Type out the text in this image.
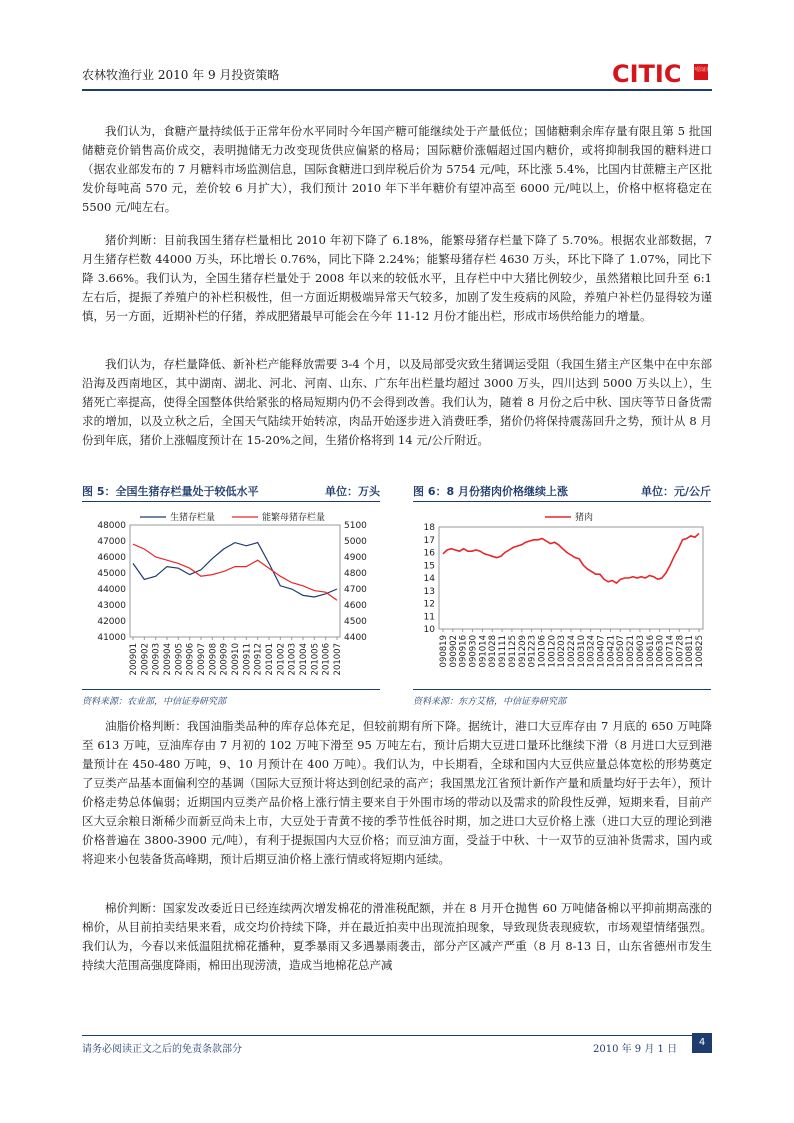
农林牧渔行业 2010 年 9 月投资策略	CITIC 中信证券

我们认为，食糖产量持续低于正常年份水平同时今年国产糖可能继续处于产量低位；国储糖剩余库存量有限且第 5 批国储糖竞价销售高价成交，表明抛储无力改变现货供应偏紧的格局；国际糖价涨幅超过国内糖价，或将抑制我国的糖料进口（据农业部发布的 7 月糖料市场监测信息，国际食糖进口到岸税后价为 5754 元/吨，环比涨 5.4%，比国内甘蔗糖主产区批发价每吨高 570 元，差价较 6 月扩大），我们预计 2010 年下半年糖价有望冲高至 6000 元/吨以上，价格中枢将稳定在 5500 元/吨左右。

猪价判断：目前我国生猪存栏量相比 2010 年初下降了 6.18%，能繁母猪存栏量下降了 5.70%。根据农业部数据，7 月生猪存栏数 44000 万头，环比增长 0.76%，同比下降 2.24%；能繁母猪存栏 4630 万头，环比下降了 1.07%，同比下降 3.66%。我们认为，全国生猪存栏量处于 2008 年以来的较低水平，且存栏中中大猪比例较少，虽然猪粮比回升至 6:1 左右后，提振了养殖户的补栏积极性，但一方面近期极端异常天气较多，加剧了发生疫病的风险，养殖户补栏仍显得较为谨慎，另一方面，近期补栏的仔猪，养成肥猪最早可能会在今年 11-12 月份才能出栏，形成市场供给能力的增量。

我们认为，存栏量降低、新补栏产能释放需要 3-4 个月，以及局部受灾致生猪调运受阻（我国生猪主产区集中在中东部沿海及西南地区，其中湖南、湖北、河北、河南、山东、广东年出栏量均超过 3000 万头，四川达到 5000 万头以上），生猪死亡率提高，使得全国整体供给紧张的格局短期内仍不会得到改善。我们认为，随着 8 月份之后中秋、国庆等节日备货需求的增加，以及立秋之后，全国天气陆续开始转凉，肉品开始逐步进入消费旺季，猪价仍将保持震荡回升之势，预计从 8 月份到年底，猪价上涨幅度预计在 15-20%之间，生猪价格将到 14 元/公斤附近。

图 5：全国生猪存栏量处于较低水平	单位：万头
41000
42000
43000
44000
45000
46000
47000
48000
4400
4500
4600
4700
4800
4900
5000
5100
200901 200902 200903 200904 200905 200906 200907 200908 200909 200910 200911 200912 201001 201002 201003 201004 201005 201006 201007
生猪存栏量	能繁母猪存栏量
资料来源：农业部，中信证券研究部
图 6：8 月份猪肉价格继续上涨	单位：元/公斤
10
11
12
13
14
15
16
17
18
090819 090902 090916 090930 091014 091028 091111 091125 091209 091223 100106 100120 100203 100224 100310 100324 100407 100421 100507 100521 100603 100616 100630 100714 100728 100811 100825
猪肉
资料来源：东方艾格，中信证券研究部

油脂价格判断：我国油脂类品种的库存总体充足，但较前期有所下降。据统计，港口大豆库存由 7 月底的 650 万吨降至 613 万吨，豆油库存由 7 月初的 102 万吨下滑至 95 万吨左右，预计后期大豆进口量环比继续下滑（8 月进口大豆到港量预计在 450-480 万吨，9、10 月预计在 400 万吨）。我们认为，中长期看，全球和国内大豆供应量总体宽松的形势奠定了豆类产品基本面偏利空的基调（国际大豆预计将达到创纪录的高产；我国黑龙江省预计新作产量和质量均好于去年），预计价格走势总体偏弱；近期国内豆类产品价格上涨行情主要来自于外围市场的带动以及需求的阶段性反弹，短期来看，目前产区大豆余粮日渐稀少而新豆尚未上市，大豆处于青黄不接的季节性低谷时期，加之进口大豆价格上涨（进口大豆的理论到港价格普遍在 3800-3900 元/吨），有利于提振国内大豆价格；而豆油方面，受益于中秋、十一双节的豆油补货需求，国内或将迎来小包装备货高峰期，预计后期豆油价格上涨行情或将短期内延续。

棉价判断：国家发改委近日已经连续两次增发棉花的滑准税配额，并在 8 月开仓抛售 60 万吨储备棉以平抑前期高涨的棉价，从目前拍卖结果来看，成交均价持续下降，并在最近拍卖中出现流拍现象，导致现货表现疲软，市场观望情绪强烈。我们认为，今春以来低温阻扰棉花播种，夏季暴雨又多遇暴雨袭击，部分产区减产严重（8 月 8-13 日，山东省德州市发生持续大范围高强度降雨，棉田出现涝渍，造成当地棉花总产减

请务必阅读正文之后的免责条款部分	2010 年 9 月 1 日
4
